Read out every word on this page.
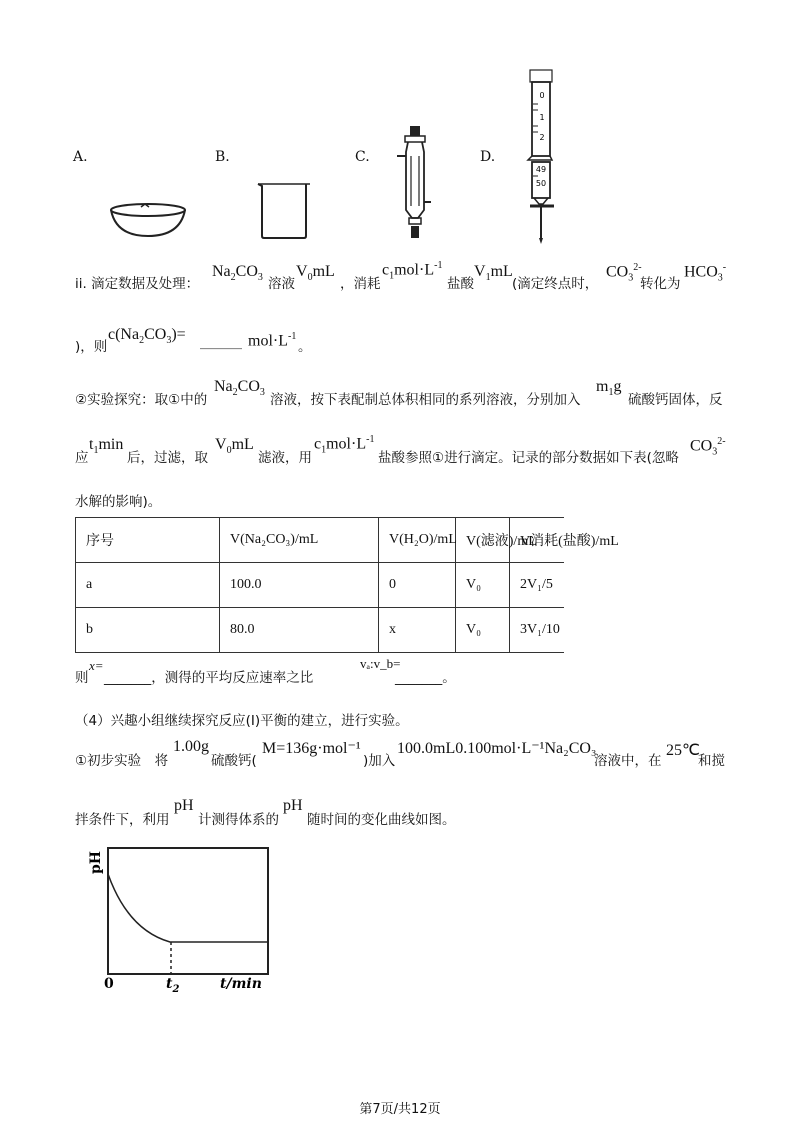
A.	B.	C.	D.
0
1
2
49
50
ii. 滴定数据及处理：
$Na_2CO_3$ 溶液
$V_0mL$
，消耗
$c_1mol\cdot L^{-1}$
盐酸
$V_1mL$
(滴定终点时，
$CO_3^{2-}$
转化为
$HCO_3^-$
)，则
$c(Na_2CO_3)=$ ______ $mol\cdot L^{-1}$
。
②实验探究：取①中的
$Na_2CO_3$ 溶液，按下表配制总体积相同的系列溶液，分别加入
$m_1g$
硫酸钙固体，反
应
$t_1\min$
后，过滤，取
$V_0mL$
滤液，用
$c_1mol\cdot L^{-1}$
盐酸参照①进行滴定。记录的部分数据如下表(忽略
$CO_3^{2-}$
水解的影响)。
序号	V(Na₂CO₃)/mL	V(H₂O)/mL	V(滤液)/mL	V消耗(盐酸)/mL
a	100.0	0	V₀	2V₁/5
b	80.0	x	V₀	3V₁/10
则
x=
_______，测得的平均反应速率之比
vₐ:v_b=
_______。
（4）兴趣小组继续探究反应(I)平衡的建立，进行实验。
①初步实验　将
1.00g
硫酸钙(
M=136g·mol⁻¹
)加入
100.0mL0.100mol·L⁻¹Na₂CO₃
溶液中，在
25℃
和搅
拌条件下，利用
pH
计测得体系的
pH
随时间的变化曲线如图。
pH
0	$t_2$	t/min
第7页/共12页
